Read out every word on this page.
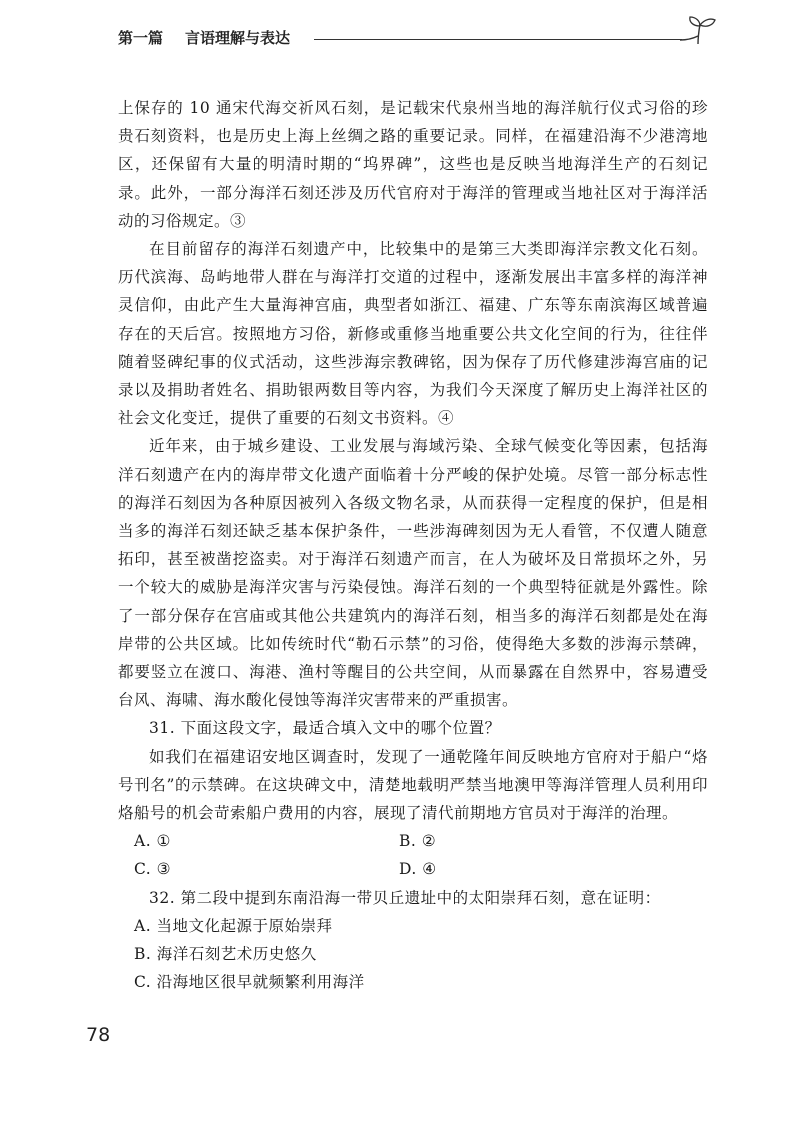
第一篇 言语理解与表达

上保存的 10 通宋代海交祈风石刻，是记载宋代泉州当地的海洋航行仪式习俗的珍贵石刻资料，也是历史上海上丝绸之路的重要记录。同样，在福建沿海不少港湾地区，还保留有大量的明清时期的“坞界碑”，这些也是反映当地海洋生产的石刻记录。此外，一部分海洋石刻还涉及历代官府对于海洋的管理或当地社区对于海洋活动的习俗规定。③

在目前留存的海洋石刻遗产中，比较集中的是第三大类即海洋宗教文化石刻。历代滨海、岛屿地带人群在与海洋打交道的过程中，逐渐发展出丰富多样的海洋神灵信仰，由此产生大量海神宫庙，典型者如浙江、福建、广东等东南滨海区域普遍存在的天后宫。按照地方习俗，新修或重修当地重要公共文化空间的行为，往往伴随着竖碑纪事的仪式活动，这些涉海宗教碑铭，因为保存了历代修建涉海宫庙的记录以及捐助者姓名、捐助银两数目等内容，为我们今天深度了解历史上海洋社区的社会文化变迁，提供了重要的石刻文书资料。④

近年来，由于城乡建设、工业发展与海域污染、全球气候变化等因素，包括海洋石刻遗产在内的海岸带文化遗产面临着十分严峻的保护处境。尽管一部分标志性的海洋石刻因为各种原因被列入各级文物名录，从而获得一定程度的保护，但是相当多的海洋石刻还缺乏基本保护条件，一些涉海碑刻因为无人看管，不仅遭人随意拓印，甚至被凿挖盗卖。对于海洋石刻遗产而言，在人为破坏及日常损坏之外，另一个较大的威胁是海洋灾害与污染侵蚀。海洋石刻的一个典型特征就是外露性。除了一部分保存在宫庙或其他公共建筑内的海洋石刻，相当多的海洋石刻都是处在海岸带的公共区域。比如传统时代“勒石示禁”的习俗，使得绝大多数的涉海示禁碑，都要竖立在渡口、海港、渔村等醒目的公共空间，从而暴露在自然界中，容易遭受台风、海啸、海水酸化侵蚀等海洋灾害带来的严重损害。

31. 下面这段文字，最适合填入文中的哪个位置？

如我们在福建诏安地区调查时，发现了一通乾隆年间反映地方官府对于船户“烙号刊名”的示禁碑。在这块碑文中，清楚地载明严禁当地澳甲等海洋管理人员利用印烙船号的机会苛索船户费用的内容，展现了清代前期地方官员对于海洋的治理。

A. ①	B. ②
C. ③	D. ④

32. 第二段中提到东南沿海一带贝丘遗址中的太阳崇拜石刻，意在证明：

A. 当地文化起源于原始崇拜

B. 海洋石刻艺术历史悠久

C. 沿海地区很早就频繁利用海洋

78
